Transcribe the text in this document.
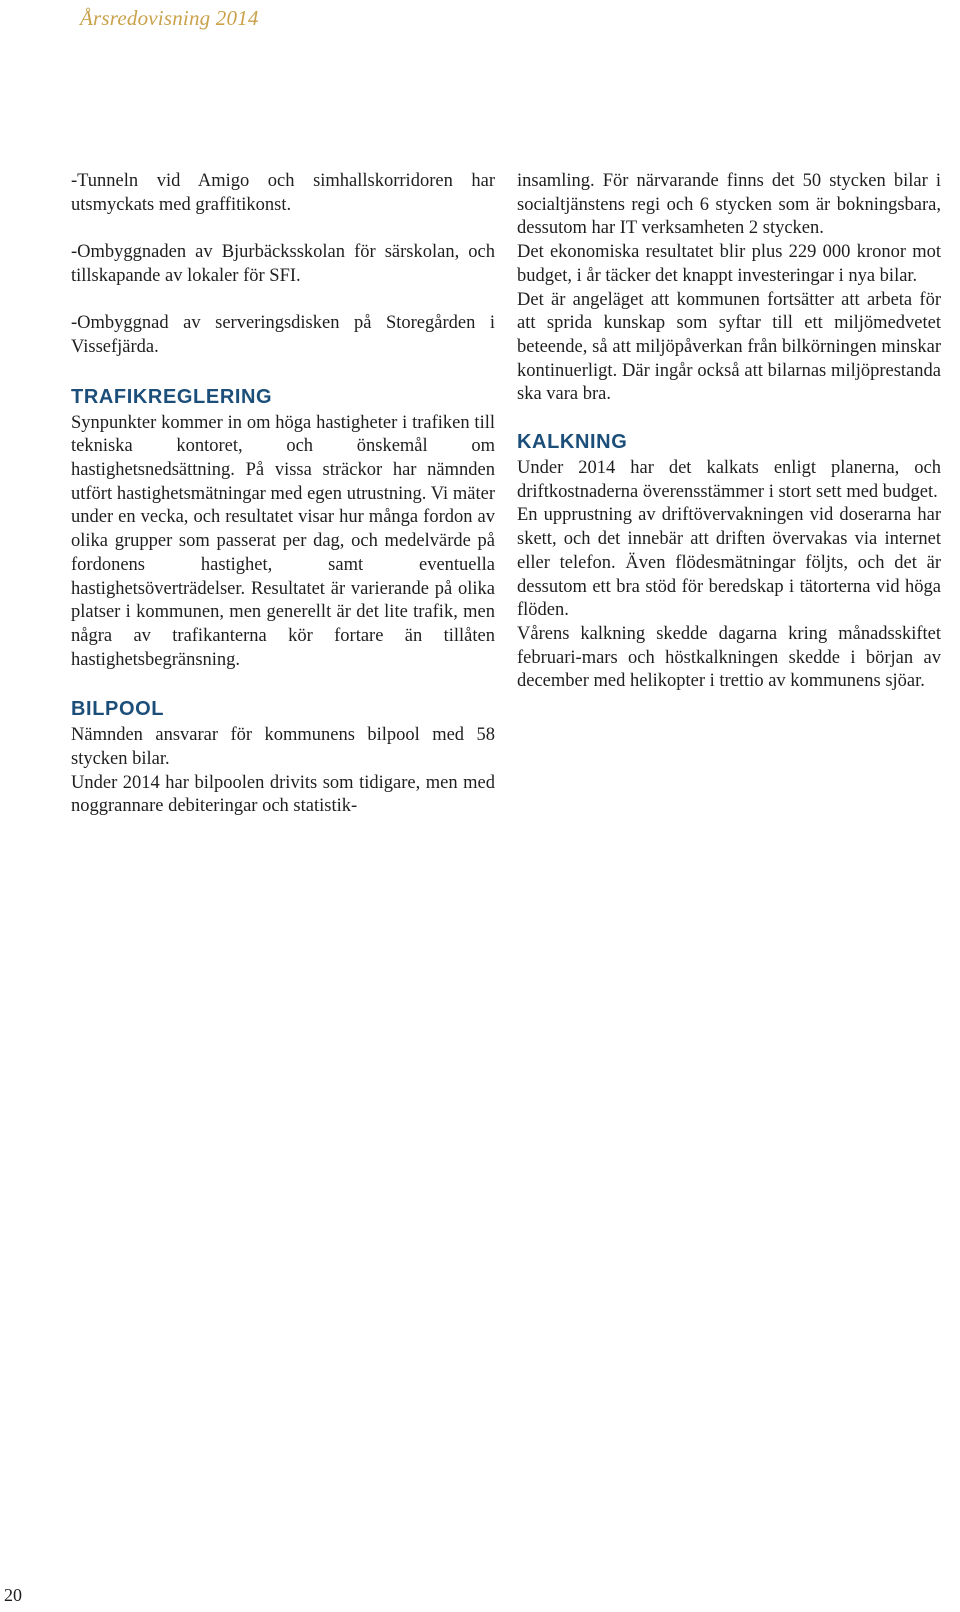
Årsredovisning 2014

-Tunneln vid Amigo och simhallskorridoren har utsmyckats med graffitikonst.

-Ombyggnaden av Bjurbäcksskolan för särskolan, och tillskapande av lokaler för SFI.

-Ombyggnad av serveringsdisken på Storegården i Vissefjärda.

TRAFIKREGLERING

Synpunkter kommer in om höga hastigheter i trafiken till tekniska kontoret, och önskemål om hastighetsnedsättning. På vissa sträckor har nämnden utfört hastighetsmätningar med egen utrustning. Vi mäter under en vecka, och resultatet visar hur många fordon av olika grupper som passerat per dag, och medelvärde på fordonens hastighet, samt eventuella hastighetsöverträdelser. Resultatet är varierande på olika platser i kommunen, men generellt är det lite trafik, men några av trafikanterna kör fortare än tillåten hastighetsbegränsning.

BILPOOL

Nämnden ansvarar för kommunens bilpool med 58 stycken bilar.

Under 2014 har bilpoolen drivits som tidigare, men med noggrannare debiteringar och statistik-

insamling. För närvarande finns det 50 stycken bilar i socialtjänstens regi och 6 stycken som är bokningsbara, dessutom har IT verksamheten 2 stycken.

Det ekonomiska resultatet blir plus 229 000 kronor mot budget, i år täcker det knappt investeringar i nya bilar.

Det är angeläget att kommunen fortsätter att arbeta för att sprida kunskap som syftar till ett miljömedvetet beteende, så att miljöpåverkan från bilkörningen minskar kontinuerligt. Där ingår också att bilarnas miljöprestanda ska vara bra.

KALKNING

Under 2014 har det kalkats enligt planerna, och driftkostnaderna överensstämmer i stort sett med budget.

En upprustning av driftövervakningen vid doserarna har skett, och det innebär att driften övervakas via internet eller telefon. Även flödesmätningar följts, och det är dessutom ett bra stöd för beredskap i tätorterna vid höga flöden.

Vårens kalkning skedde dagarna kring månadsskiftet februari-mars och höstkalkningen skedde i början av december med helikopter i trettio av kommunens sjöar.

20
